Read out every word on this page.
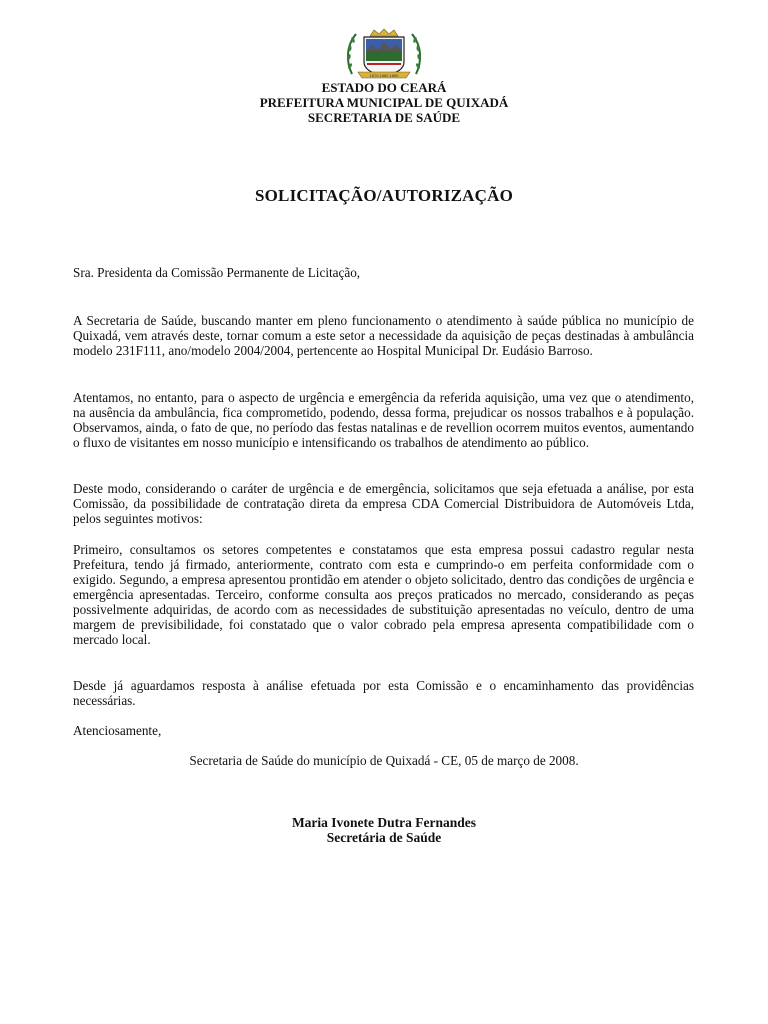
1870 1880 1889
ESTADO DO CEARÁ
PREFEITURA MUNICIPAL DE QUIXADÁ
SECRETARIA DE SAÚDE
SOLICITAÇÃO/AUTORIZAÇÃO

Sra. Presidenta da Comissão Permanente de Licitação,

A Secretaria de Saúde, buscando manter em pleno funcionamento o atendimento à saúde pública no município de Quixadá, vem através deste, tornar comum a este setor a necessidade da aquisição de peças destinadas à ambulância modelo 231F111, ano/modelo 2004/2004, pertencente ao Hospital Municipal Dr. Eudásio Barroso.

Atentamos, no entanto, para o aspecto de urgência e emergência da referida aquisição, uma vez que o atendimento, na ausência da ambulância, fica comprometido, podendo, dessa forma, prejudicar os nossos trabalhos e à população. Observamos, ainda, o fato de que, no período das festas natalinas e de revellion ocorrem muitos eventos, aumentando o fluxo de visitantes em nosso município e intensificando os trabalhos de atendimento ao público.

Deste modo, considerando o caráter de urgência e de emergência, solicitamos que seja efetuada a análise, por esta Comissão, da possibilidade de contratação direta da empresa CDA Comercial Distribuidora de Automóveis Ltda, pelos seguintes motivos:

Primeiro, consultamos os setores competentes e constatamos que esta empresa possui cadastro regular nesta Prefeitura, tendo já firmado, anteriormente, contrato com esta e cumprindo-o em perfeita conformidade com o exigido. Segundo, a empresa apresentou prontidão em atender o objeto solicitado, dentro das condições de urgência e emergência apresentadas. Terceiro, conforme consulta aos preços praticados no mercado, considerando as peças possivelmente adquiridas, de acordo com as necessidades de substituição apresentadas no veículo, dentro de uma margem de previsibilidade, foi constatado que o valor cobrado pela empresa apresenta compatibilidade com o mercado local.

Desde já aguardamos resposta à análise efetuada por esta Comissão e o encaminhamento das providências necessárias.

Atenciosamente,

Secretaria de Saúde do município de Quixadá - CE, 05 de março de 2008.
Maria Ivonete Dutra Fernandes
Secretária de Saúde
